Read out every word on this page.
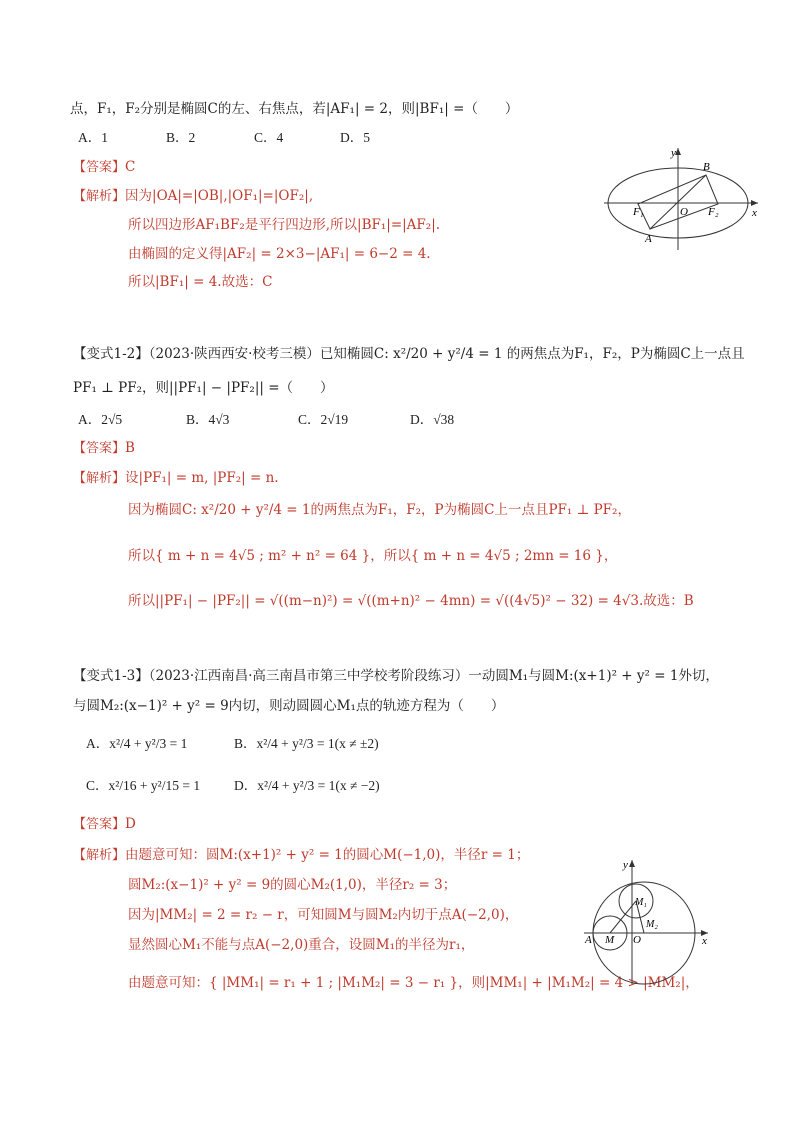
点，F₁，F₂分别是椭圆C的左、右焦点，若|AF₁| = 2，则|BF₁| =（　　）
A．1	B．2	C．4	D．5
【答案】C
【解析】因为|OA|=|OB|,|OF₁|=|OF₂|,
所以四边形AF₁BF₂是平行四边形,所以|BF₁|=|AF₂|.
由椭圆的定义得|AF₂| = 2×3−|AF₁| = 6−2 = 4.
所以|BF₁| = 4.故选：C
y
x
B
A
O
F₁	F₂
【变式1-2】（2023·陕西西安·校考三模）已知椭圆C: x²/20 + y²/4 = 1 的两焦点为F₁，F₂，P为椭圆C上一点且
PF₁ ⊥ PF₂，则||PF₁| − |PF₂|| =（　　）
A．2√5	B．4√3	C．2√19	D．√38
【答案】B
【解析】设|PF₁| = m, |PF₂| = n.
因为椭圆C: x²/20 + y²/4 = 1的两焦点为F₁，F₂，P为椭圆C上一点且PF₁ ⊥ PF₂，
所以{ m + n = 4√5 ; m² + n² = 64 }，所以{ m + n = 4√5 ; 2mn = 16 }，
所以||PF₁| − |PF₂|| = √((m−n)²) = √((m+n)² − 4mn) = √((4√5)² − 32) = 4√3.故选：B
【变式1-3】（2023·江西南昌·高三南昌市第三中学校考阶段练习）一动圆M₁与圆M:(x+1)² + y² = 1外切，
与圆M₂:(x−1)² + y² = 9内切，则动圆圆心M₁点的轨迹方程为（　　）
A．x²/4 + y²/3 = 1	B．x²/4 + y²/3 = 1(x ≠ ±2)
C．x²/16 + y²/15 = 1	D．x²/4 + y²/3 = 1(x ≠ −2)
【答案】D
【解析】由题意可知：圆M:(x+1)² + y² = 1的圆心M(−1,0)，半径r = 1；
圆M₂:(x−1)² + y² = 9的圆心M₂(1,0)，半径r₂ = 3；
因为|MM₂| = 2 = r₂ − r，可知圆M与圆M₂内切于点A(−2,0)，
显然圆心M₁不能与点A(−2,0)重合，设圆M₁的半径为r₁，
由题意可知：{ |MM₁| = r₁ + 1 ; |M₁M₂| = 3 − r₁ }，则|MM₁| + |M₁M₂| = 4 > |MM₂|，
y
x
A M O
M₁
M₂
